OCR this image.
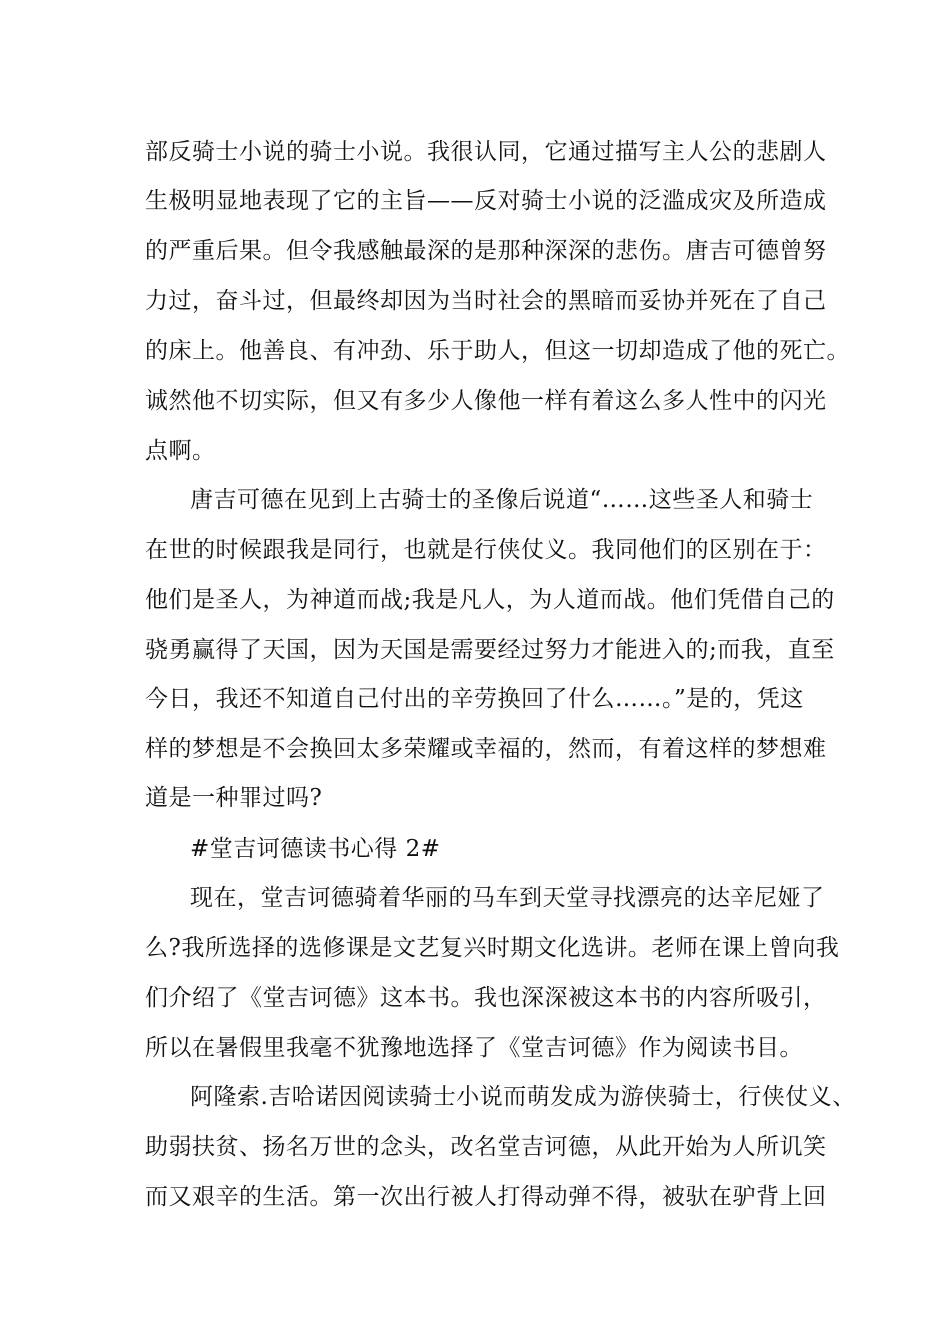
部反骑士小说的骑士小说。我很认同，它通过描写主人公的悲剧人

生极明显地表现了它的主旨——反对骑士小说的泛滥成灾及所造成

的严重后果。但令我感触最深的是那种深深的悲伤。唐吉可德曾努

力过，奋斗过，但最终却因为当时社会的黑暗而妥协并死在了自己

的床上。他善良、有冲劲、乐于助人，但这一切却造成了他的死亡。

诚然他不切实际，但又有多少人像他一样有着这么多人性中的闪光

点啊。

唐吉可德在见到上古骑士的圣像后说道“……这些圣人和骑士

在世的时候跟我是同行，也就是行侠仗义。我同他们的区别在于：

他们是圣人，为神道而战;我是凡人，为人道而战。他们凭借自己的

骁勇赢得了天国，因为天国是需要经过努力才能进入的;而我，直至

今日，我还不知道自己付出的辛劳换回了什么……。”是的，凭这

样的梦想是不会换回太多荣耀或幸福的，然而，有着这样的梦想难

道是一种罪过吗?

#堂吉诃德读书心得 2#

现在，堂吉诃德骑着华丽的马车到天堂寻找漂亮的达辛尼娅了

么?我所选择的选修课是文艺复兴时期文化选讲。老师在课上曾向我

们介绍了《堂吉诃德》这本书。我也深深被这本书的内容所吸引，

所以在暑假里我毫不犹豫地选择了《堂吉诃德》作为阅读书目。

阿隆索.吉哈诺因阅读骑士小说而萌发成为游侠骑士，行侠仗义、

助弱扶贫、扬名万世的念头，改名堂吉诃德，从此开始为人所讥笑

而又艰辛的生活。第一次出行被人打得动弹不得，被驮在驴背上回
